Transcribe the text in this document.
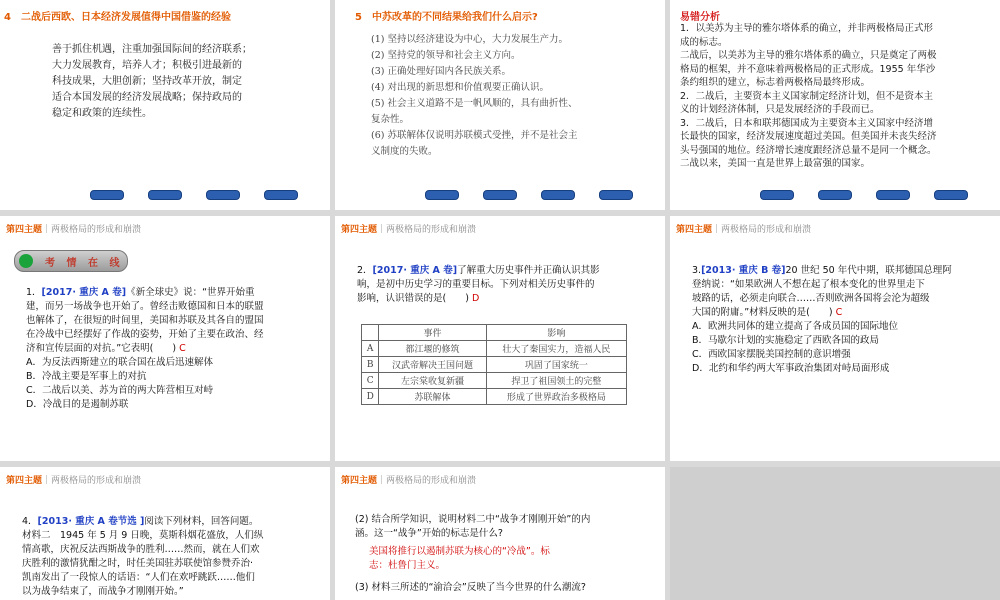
4　二战后西欧、日本经济发展值得中国借鉴的经验
善于抓住机遇，注重加强国际间的经济联系；
大力发展教育，培养人才；积极引进最新的
科技成果，大胆创新；坚持改革开放，制定
适合本国发展的经济发展战略；保持政局的
稳定和政策的连续性。
5　中苏改革的不同结果给我们什么启示?
(1) 坚持以经济建设为中心，大力发展生产力。
(2) 坚持党的领导和社会主义方向。
(3) 正确处理好国内各民族关系。
(4) 对出现的新思想和价值观要正确认识。
(5) 社会主义道路不是一帆风顺的，具有曲折性、
复杂性。
(6) 苏联解体仅说明苏联模式受挫，并不是社会主
义制度的失败。
易错分析
1．以美苏为主导的雅尔塔体系的确立，并非两极格局正式形
成的标志。
二战后，以美苏为主导的雅尔塔体系的确立，只是奠定了两极
格局的框架，并不意味着两极格局的正式形成。1955 年华沙
条约组织的建立，标志着两极格局最终形成。
2．二战后，主要资本主义国家制定经济计划，但不是资本主
义的计划经济体制，只是发展经济的手段而已。
3．二战后，日本和联邦德国成为主要资本主义国家中经济增
长最快的国家，经济发展速度超过美国。但美国并未丧失经济
头号强国的地位。经济增长速度跟经济总量不是同一个概念。
二战以来，美国一直是世界上最富强的国家。
第四主题｜两极格局的形成和崩溃
考 情 在 线
1．[2017· 重庆 A 卷]《新全球史》说：“世界开始重
建，而另一场战争也开始了。曾经击败德国和日本的联盟
也解体了，在很短的时间里，美国和苏联及其各自的盟国
在冷战中已经摆好了作战的姿势，开始了主要在政治、经
济和宣传层面的对抗。”它表明(　　) C
A．为反法西斯建立的联合国在战后迅速解体
B．冷战主要是军事上的对抗
C．二战后以美、苏为首的两大阵营相互对峙
D．冷战目的是遏制苏联
第四主题｜两极格局的形成和崩溃
2．[2017· 重庆 A 卷]了解重大历史事件并正确认识其影
响，是初中历史学习的重要目标。下列对相关历史事件的
影响，认识错误的是(　　) D
	事件	影响
A	都江堰的修筑	壮大了秦国实力，造福人民
B	汉武帝解决王国问题	巩固了国家统一
C	左宗棠收复新疆	捍卫了祖国领土的完整
D	苏联解体	形成了世界政治多极格局
第四主题｜两极格局的形成和崩溃
3.[2013· 重庆 B 卷]20 世纪 50 年代中期，联邦德国总理阿
登纳说：“如果欧洲人不想在起了根本变化的世界里走下
坡路的话，必须走向联合……否则欧洲各国将会沦为超级
大国的附庸。”材料反映的是(　　) C
A．欧洲共同体的建立提高了各成员国的国际地位
B．马歇尔计划的实施稳定了西欧各国的政局
C．西欧国家摆脱美国控制的意识增强
D．北约和华约两大军事政治集团对峙局面形成
第四主题｜两极格局的形成和崩溃
4．[2013· 重庆 A 卷节选 ]阅读下列材料，回答问题。
材料二　1945 年 5 月 9 日晚，莫斯科烟花盛放，人们纵
情高歌，庆祝反法西斯战争的胜利……然而，就在人们欢
庆胜利的激情犹酣之时，时任美国驻苏联使馆参赞乔治·
凯南发出了一段惊人的话语：“人们在欢呼跳跃……他们
以为战争结束了，而战争才刚刚开始。”
第四主题｜两极格局的形成和崩溃
(2) 结合所学知识，说明材料二中“战争才刚刚开始”的内
涵。这一“战争”开始的标志是什么?
美国将推行以遏制苏联为核心的“冷战”。标
志：杜鲁门主义。
(3) 材料三所述的“渝洽会”反映了当今世界的什么潮流?
